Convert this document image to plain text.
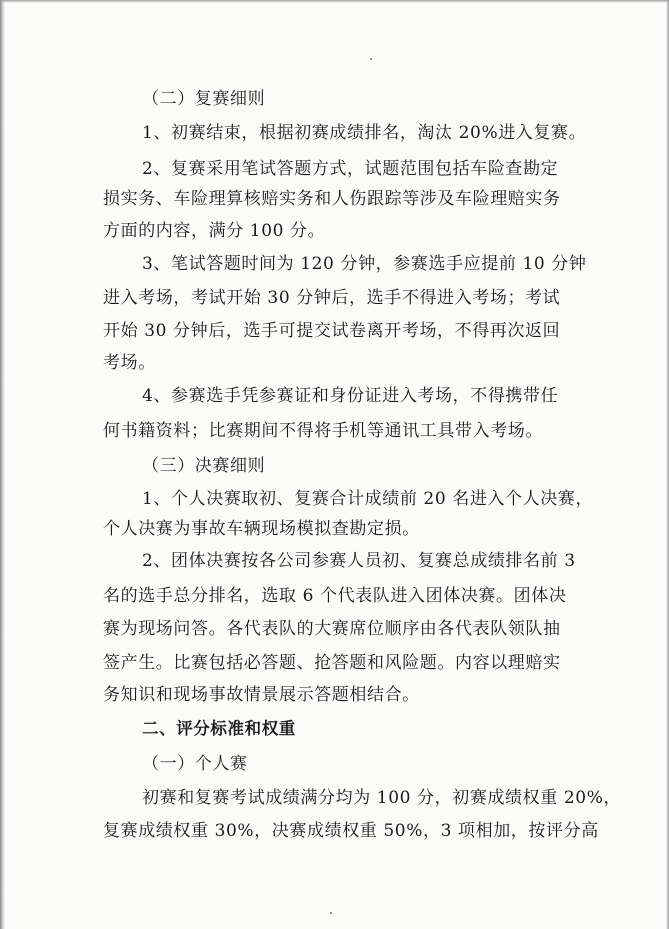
（二）复赛细则
1、初赛结束，根据初赛成绩排名，淘汰 20%进入复赛。
2、复赛采用笔试答题方式，试题范围包括车险查勘定
损实务、车险理算核赔实务和人伤跟踪等涉及车险理赔实务
方面的内容，满分 100 分。
3、笔试答题时间为 120 分钟，参赛选手应提前 10 分钟
进入考场，考试开始 30 分钟后，选手不得进入考场；考试
开始 30 分钟后，选手可提交试卷离开考场，不得再次返回
考场。
4、参赛选手凭参赛证和身份证进入考场，不得携带任
何书籍资料；比赛期间不得将手机等通讯工具带入考场。
（三）决赛细则
1、个人决赛取初、复赛合计成绩前 20 名进入个人决赛，
个人决赛为事故车辆现场模拟查勘定损。
2、团体决赛按各公司参赛人员初、复赛总成绩排名前 3
名的选手总分排名，选取 6 个代表队进入团体决赛。团体决
赛为现场问答。各代表队的大赛席位顺序由各代表队领队抽
签产生。比赛包括必答题、抢答题和风险题。内容以理赔实
务知识和现场事故情景展示答题相结合。
二、评分标准和权重
（一）个人赛
初赛和复赛考试成绩满分均为 100 分，初赛成绩权重 20%，
复赛成绩权重 30%，决赛成绩权重 50%，3 项相加，按评分高
